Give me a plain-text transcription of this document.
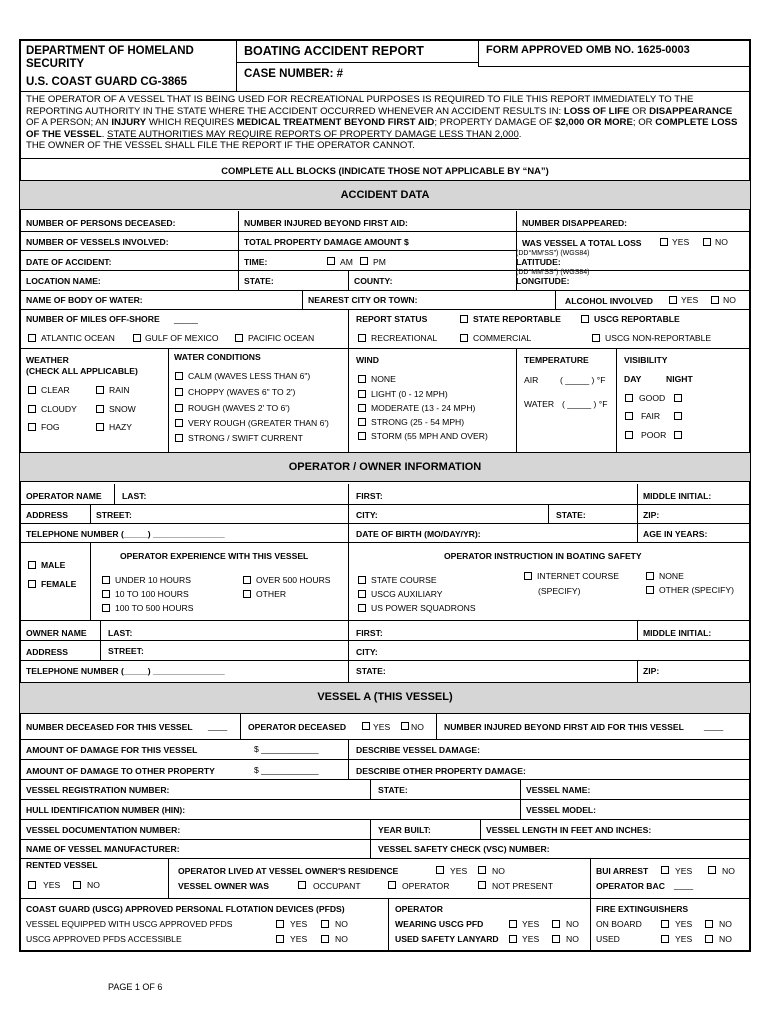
DEPARTMENT OF HOMELAND
SECURITY
U.S. COAST GUARD CG-3865
BOATING ACCIDENT REPORT
CASE NUMBER: #
FORM APPROVED OMB NO. 1625-0003
THE OPERATOR OF A VESSEL THAT IS BEING USED FOR RECREATIONAL PURPOSES IS REQUIRED TO FILE THIS REPORT IMMEDIATELY TO THE REPORTING AUTHORITY IN THE STATE WHERE THE ACCIDENT OCCURRED WHENEVER AN ACCIDENT RESULTS IN: LOSS OF LIFE OR DISAPPEARANCE OF A PERSON; AN INJURY WHICH REQUIRES MEDICAL TREATMENT BEYOND FIRST AID; PROPERTY DAMAGE OF $2,000 OR MORE; OR COMPLETE LOSS OF THE VESSEL. STATE AUTHORITIES MAY REQUIRE REPORTS OF PROPERTY DAMAGE LESS THAN 2,000.
THE OWNER OF THE VESSEL SHALL FILE THE REPORT IF THE OPERATOR CANNOT.
COMPLETE ALL BLOCKS (INDICATE THOSE NOT APPLICABLE BY “NA”)
ACCIDENT DATA
NUMBER OF PERSONS DECEASED:	NUMBER INJURED BEYOND FIRST AID:	NUMBER DISAPPEARED:
NUMBER OF VESSELS INVOLVED:	TOTAL PROPERTY DAMAGE AMOUNT $	WAS VESSEL A TOTAL LOSS	YES	NO
DATE OF ACCIDENT:	TIME:	AM PM
(DD°MM'SS") (WGS84)
LATITUDE:
LOCATION NAME:	STATE:	COUNTY:
(DD°MM'SS") (WGS84)
LONGITUDE:
NAME OF BODY OF WATER:	NEAREST CITY OR TOWN:	ALCOHOL INVOLVED	YES	NO
NUMBER OF MILES OFF-SHORE _____	REPORT STATUS	STATE REPORTABLE	USCG REPORTABLE
ATLANTIC OCEAN	GULF OF MEXICO	PACIFIC OCEAN	RECREATIONAL	COMMERCIAL	USCG NON-REPORTABLE
WEATHER
(CHECK ALL APPLICABLE)
CLEAR	RAIN
CLOUDY	SNOW
FOG	HAZY
WATER CONDITIONS
CALM (WAVES LESS THAN 6")
CHOPPY (WAVES 6" TO 2')
ROUGH (WAVES 2' TO 6')
VERY ROUGH (GREATER THAN 6')
STRONG / SWIFT CURRENT
WIND
NONE
LIGHT (0 - 12 MPH)
MODERATE (13 - 24 MPH)
STRONG (25 - 54 MPH)
STORM (55 MPH AND OVER)
TEMPERATURE
AIR	( _____ ) °F
WATER ( _____ ) °F
VISIBILITY
DAY	NIGHT
GOOD
FAIR
POOR
OPERATOR / OWNER INFORMATION
OPERATOR NAME LAST:	FIRST:	MIDDLE INITIAL:
ADDRESS	STREET:	CITY:	STATE:	ZIP:
TELEPHONE NUMBER (_____) _______________	DATE OF BIRTH (MO/DAY/YR):	AGE IN YEARS:
MALE
FEMALE
OPERATOR EXPERIENCE WITH THIS VESSEL
UNDER 10 HOURS
10 TO 100 HOURS
100 TO 500 HOURS
OVER 500 HOURS
OTHER
OPERATOR INSTRUCTION IN BOATING SAFETY
STATE COURSE
USCG AUXILIARY
US POWER SQUADRONS
INTERNET COURSE
(SPECIFY)
NONE
OTHER (SPECIFY)
OWNER NAME LAST:	FIRST:	MIDDLE INITIAL:
ADDRESS	STREET:	CITY:
TELEPHONE NUMBER (_____) _______________	STATE:	ZIP:
VESSEL A (THIS VESSEL)
NUMBER DECEASED FOR THIS VESSEL ____ OPERATOR DECEASED	YES NO NUMBER INJURED BEYOND FIRST AID FOR THIS VESSEL ____
AMOUNT OF DAMAGE FOR THIS VESSEL	$ ____________	DESCRIBE VESSEL DAMAGE:
AMOUNT OF DAMAGE TO OTHER PROPERTY	$ ____________	DESCRIBE OTHER PROPERTY DAMAGE:
VESSEL REGISTRATION NUMBER:	STATE:	VESSEL NAME:
HULL IDENTIFICATION NUMBER (HIN):	VESSEL MODEL:
VESSEL DOCUMENTATION NUMBER:	YEAR BUILT:	VESSEL LENGTH IN FEET AND INCHES:
NAME OF VESSEL MANUFACTURER:	VESSEL SAFETY CHECK (VSC) NUMBER:
RENTED VESSEL
YES	NO
OPERATOR LIVED AT VESSEL OWNER'S RESIDENCE	YES	NO
VESSEL OWNER WAS	OCCUPANT	OPERATOR	NOT PRESENT
BUI ARREST	YES	NO
OPERATOR BAC ____
COAST GUARD (USCG) APPROVED PERSONAL FLOTATION DEVICES (PFDS)
VESSEL EQUIPPED WITH USCG APPROVED PFDS	YES	NO
USCG APPROVED PFDS ACCESSIBLE	YES	NO
OPERATOR
WEARING USCG PFD	YES	NO
USED SAFETY LANYARD	YES	NO
FIRE EXTINGUISHERS
ON BOARD	YES	NO
USED	YES	NO
PAGE 1 OF 6
